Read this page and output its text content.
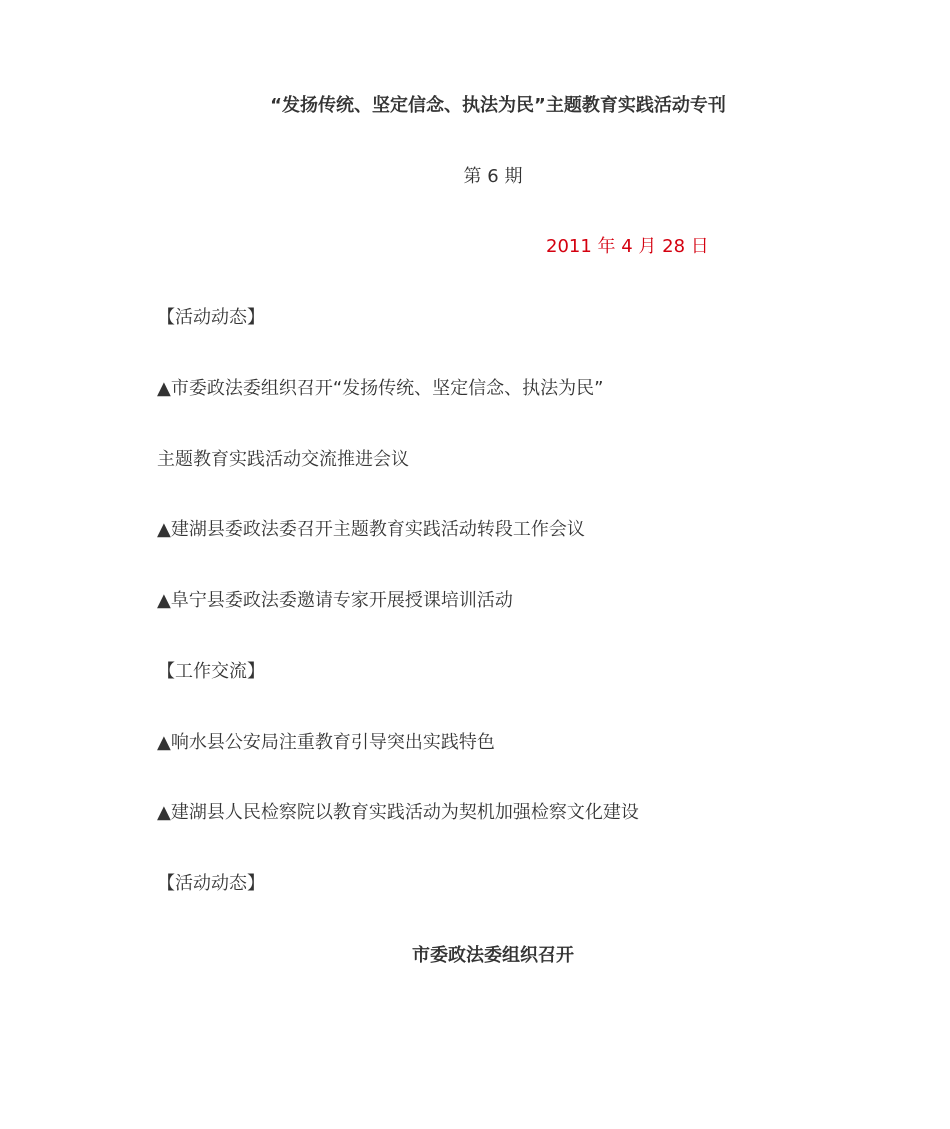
“发扬传统、坚定信念、执法为民”主题教育实践活动专刊
第 6 期
2011 年 4 月 28 日
【活动动态】
▲市委政法委组织召开“发扬传统、坚定信念、执法为民”
主题教育实践活动交流推进会议
▲建湖县委政法委召开主题教育实践活动转段工作会议
▲阜宁县委政法委邀请专家开展授课培训活动
【工作交流】
▲响水县公安局注重教育引导突出实践特色
▲建湖县人民检察院以教育实践活动为契机加强检察文化建设
【活动动态】
市委政法委组织召开
